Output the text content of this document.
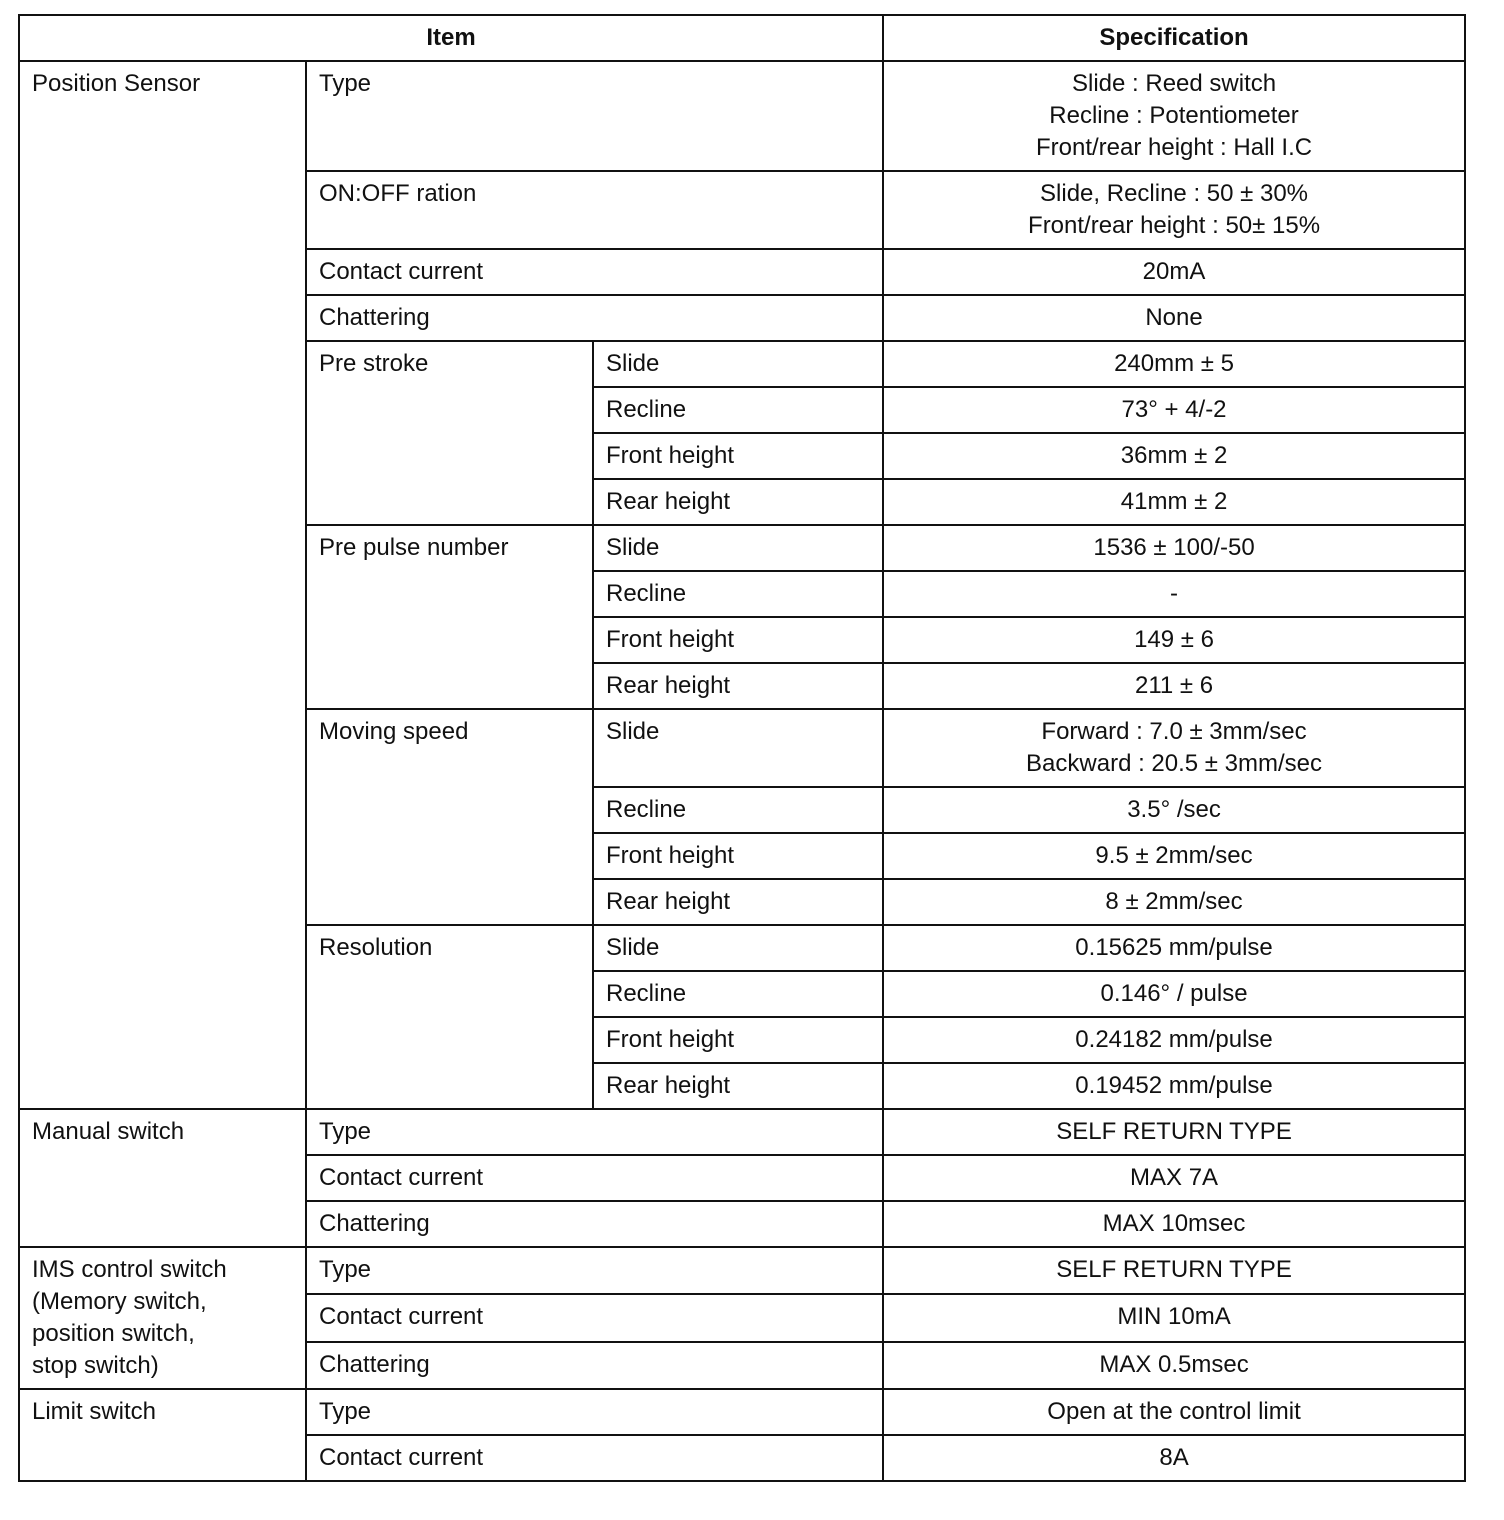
Item			Specification
Position Sensor	Type		Slide : Reed switch
Recline : Potentiometer
Front/rear height : Hall I.C
	ON:OFF ration		Slide, Recline : 50 ± 30%
Front/rear height : 50± 15%
	Contact current		20mA
	Chattering		None
	Pre stroke	Slide	240mm ± 5
		Recline	73° + 4/-2
		Front height	36mm ± 2
		Rear height	41mm ± 2
	Pre pulse number	Slide	1536 ± 100/-50
		Recline	-
		Front height	149 ± 6
		Rear height	211 ± 6
	Moving speed	Slide	Forward : 7.0 ± 3mm/sec
Backward : 20.5 ± 3mm/sec
		Recline	3.5° /sec
		Front height	9.5 ± 2mm/sec
		Rear height	8 ± 2mm/sec
	Resolution	Slide	0.15625 mm/pulse
		Recline	0.146° / pulse
		Front height	0.24182 mm/pulse
		Rear height	0.19452 mm/pulse
Manual switch	Type		SELF RETURN TYPE
	Contact current		MAX 7A
	Chattering		MAX 10msec
IMS control switch
(Memory switch,
position switch,
stop switch)	Type		SELF RETURN TYPE
	Contact current		MIN 10mA
	Chattering		MAX 0.5msec
Limit switch	Type		Open at the control limit
	Contact current		8A
